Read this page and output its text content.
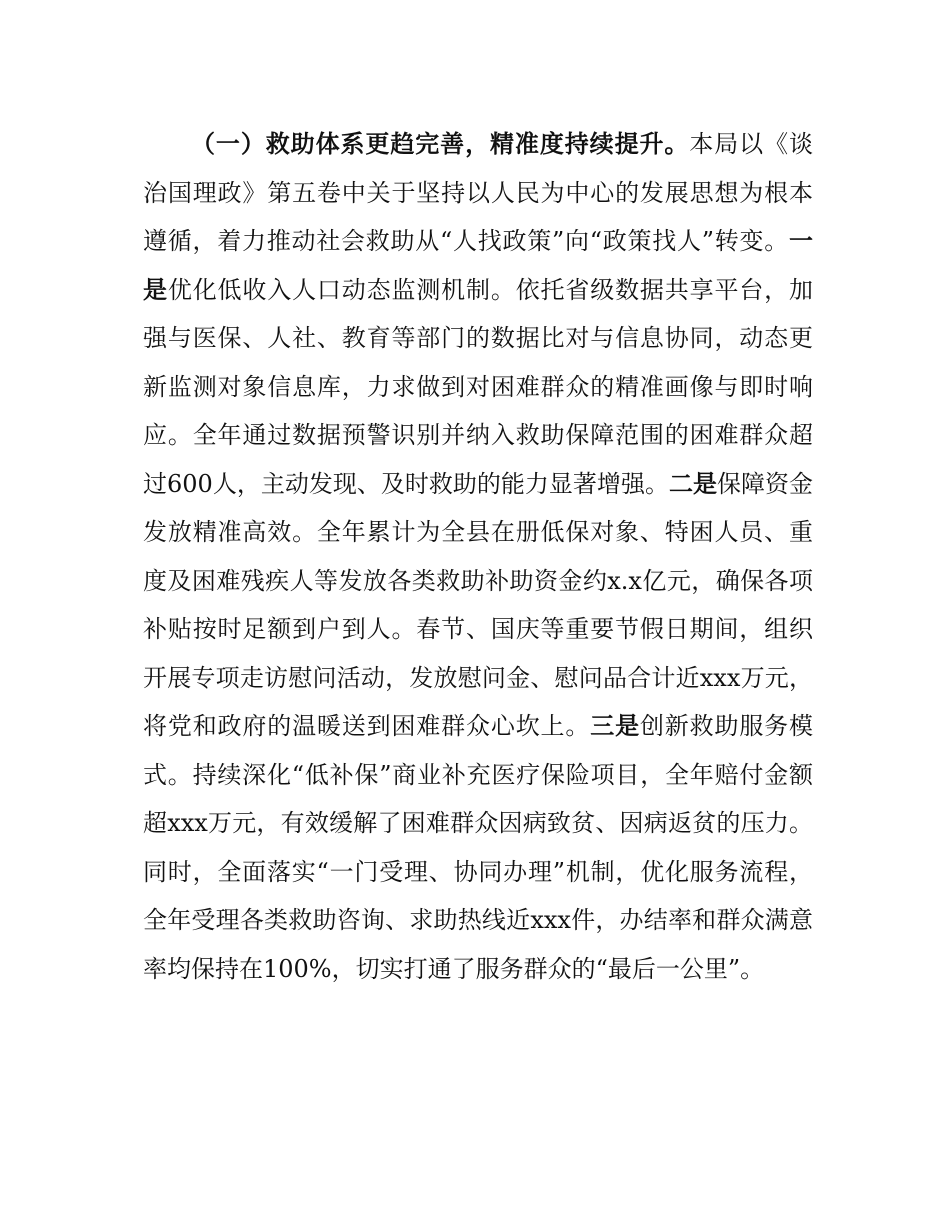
（一）救助体系更趋完善，精准度持续提升。本局以《谈治国理政》第五卷中关于坚持以人民为中心的发展思想为根本遵循，着力推动社会救助从“人找政策”向“政策找人”转变。一是优化低收入人口动态监测机制。依托省级数据共享平台，加强与医保、人社、教育等部门的数据比对与信息协同，动态更新监测对象信息库，力求做到对困难群众的精准画像与即时响应。全年通过数据预警识别并纳入救助保障范围的困难群众超过600人，主动发现、及时救助的能力显著增强。二是保障资金发放精准高效。全年累计为全县在册低保对象、特困人员、重度及困难残疾人等发放各类救助补助资金约x.x亿元，确保各项补贴按时足额到户到人。春节、国庆等重要节假日期间，组织开展专项走访慰问活动，发放慰问金、慰问品合计近xxx万元，将党和政府的温暖送到困难群众心坎上。三是创新救助服务模式。持续深化“低补保”商业补充医疗保险项目，全年赔付金额超xxx万元，有效缓解了困难群众因病致贫、因病返贫的压力。同时，全面落实“一门受理、协同办理”机制，优化服务流程，全年受理各类救助咨询、求助热线近xxx件，办结率和群众满意率均保持在100%，切实打通了服务群众的“最后一公里”。
